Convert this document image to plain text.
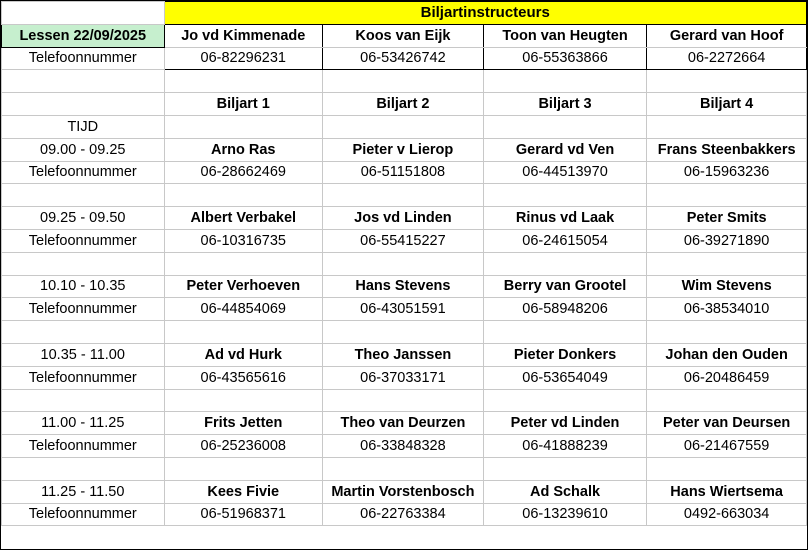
	Biljartinstructeurs			
Lessen 22/09/2025	Jo vd Kimmenade	Koos van Eijk	Toon van Heugten	Gerard van Hoof
Telefoonnummer	06-82296231	06-53426742	06-55363866	06-2272664

	Biljart 1	Biljart 2	Biljart 3	Biljart 4
TIJD				
09.00 - 09.25	Arno Ras	Pieter v Lierop	Gerard vd Ven	Frans Steenbakkers
Telefoonnummer	06-28662469	06-51151808	06-44513970	06-15963236

09.25 - 09.50	Albert Verbakel	Jos vd Linden	Rinus vd Laak	Peter Smits
Telefoonnummer	06-10316735	06-55415227	06-24615054	06-39271890

10.10 - 10.35	Peter Verhoeven	Hans Stevens	Berry van Grootel	Wim Stevens
Telefoonnummer	06-44854069	06-43051591	06-58948206	06-38534010

10.35 - 11.00	Ad vd Hurk	Theo Janssen	Pieter Donkers	Johan den Ouden
Telefoonnummer	06-43565616	06-37033171	06-53654049	06-20486459

11.00 - 11.25	Frits Jetten	Theo van Deurzen	Peter vd Linden	Peter van Deursen
Telefoonnummer	06-25236008	06-33848328	06-41888239	06-21467559

11.25 - 11.50	Kees Fivie	Martin Vorstenbosch	Ad Schalk	Hans Wiertsema
Telefoonnummer	06-51968371	06-22763384	06-13239610	0492-663034
